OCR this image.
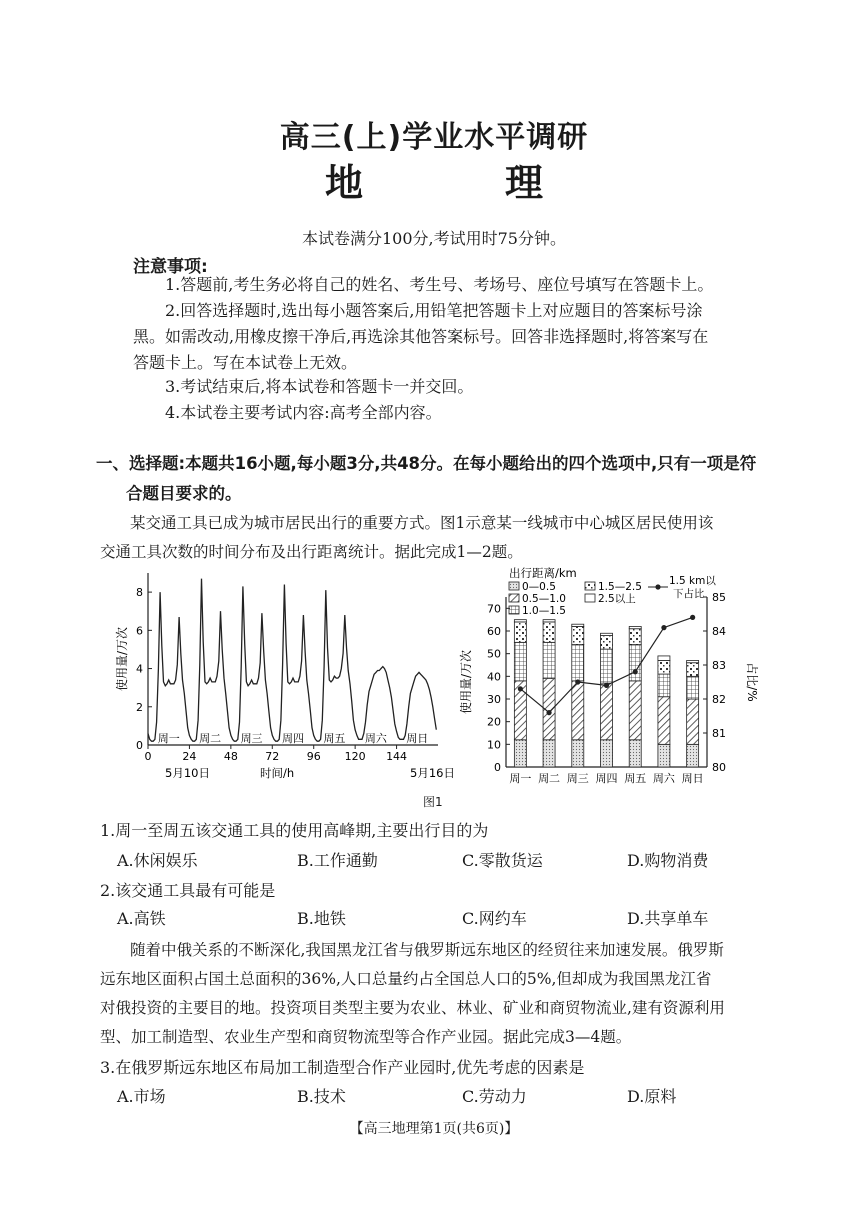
高三(上)学业水平调研
地　理
本试卷满分100分,考试用时75分钟。
注意事项:
1.答题前,考生务必将自己的姓名、考生号、考场号、座位号填写在答题卡上。
2.回答选择题时,选出每小题答案后,用铅笔把答题卡上对应题目的答案标号涂
黑。如需改动,用橡皮擦干净后,再选涂其他答案标号。回答非选择题时,将答案写在
答题卡上。写在本试卷上无效。
3.考试结束后,将本试卷和答题卡一并交回。
4.本试卷主要考试内容:高考全部内容。
一、选择题:本题共16小题,每小题3分,共48分。在每小题给出的四个选项中,只有一项是符
合题目要求的。
某交通工具已成为城市居民出行的重要方式。图1示意某一线城市中心城区居民使用该
交通工具次数的时间分布及出行距离统计。据此完成1—2题。
0
2
4
6
8
0	24 48 72 96 120 144
周一 周二 周三 周四 周五 周六 周日
使用量/万次
5月10日	5月16日
时间/h
出行距离/km
0—0.5
0.5—1.0
1.0—1.5
1.5—2.5
2.5以上
1.5 km以
下占比
0
10
20
30
40
50
60
70
80
81
82
83
84
85
周一 周二 周三 周四 周五 周六 周日
使用量/万次	占比/%
图1
1.周一至周五该交通工具的使用高峰期,主要出行目的为
A.休闲娱乐	B.工作通勤	C.零散货运	D.购物消费
2.该交通工具最有可能是
A.高铁	B.地铁	C.网约车	D.共享单车
随着中俄关系的不断深化,我国黑龙江省与俄罗斯远东地区的经贸往来加速发展。俄罗斯
远东地区面积占国土总面积的36%,人口总量约占全国总人口的5%,但却成为我国黑龙江省
对俄投资的主要目的地。投资项目类型主要为农业、林业、矿业和商贸物流业,建有资源利用
型、加工制造型、农业生产型和商贸物流型等合作产业园。据此完成3—4题。
3.在俄罗斯远东地区布局加工制造型合作产业园时,优先考虑的因素是
A.市场	B.技术	C.劳动力	D.原料
【高三地理第1页(共6页)】
